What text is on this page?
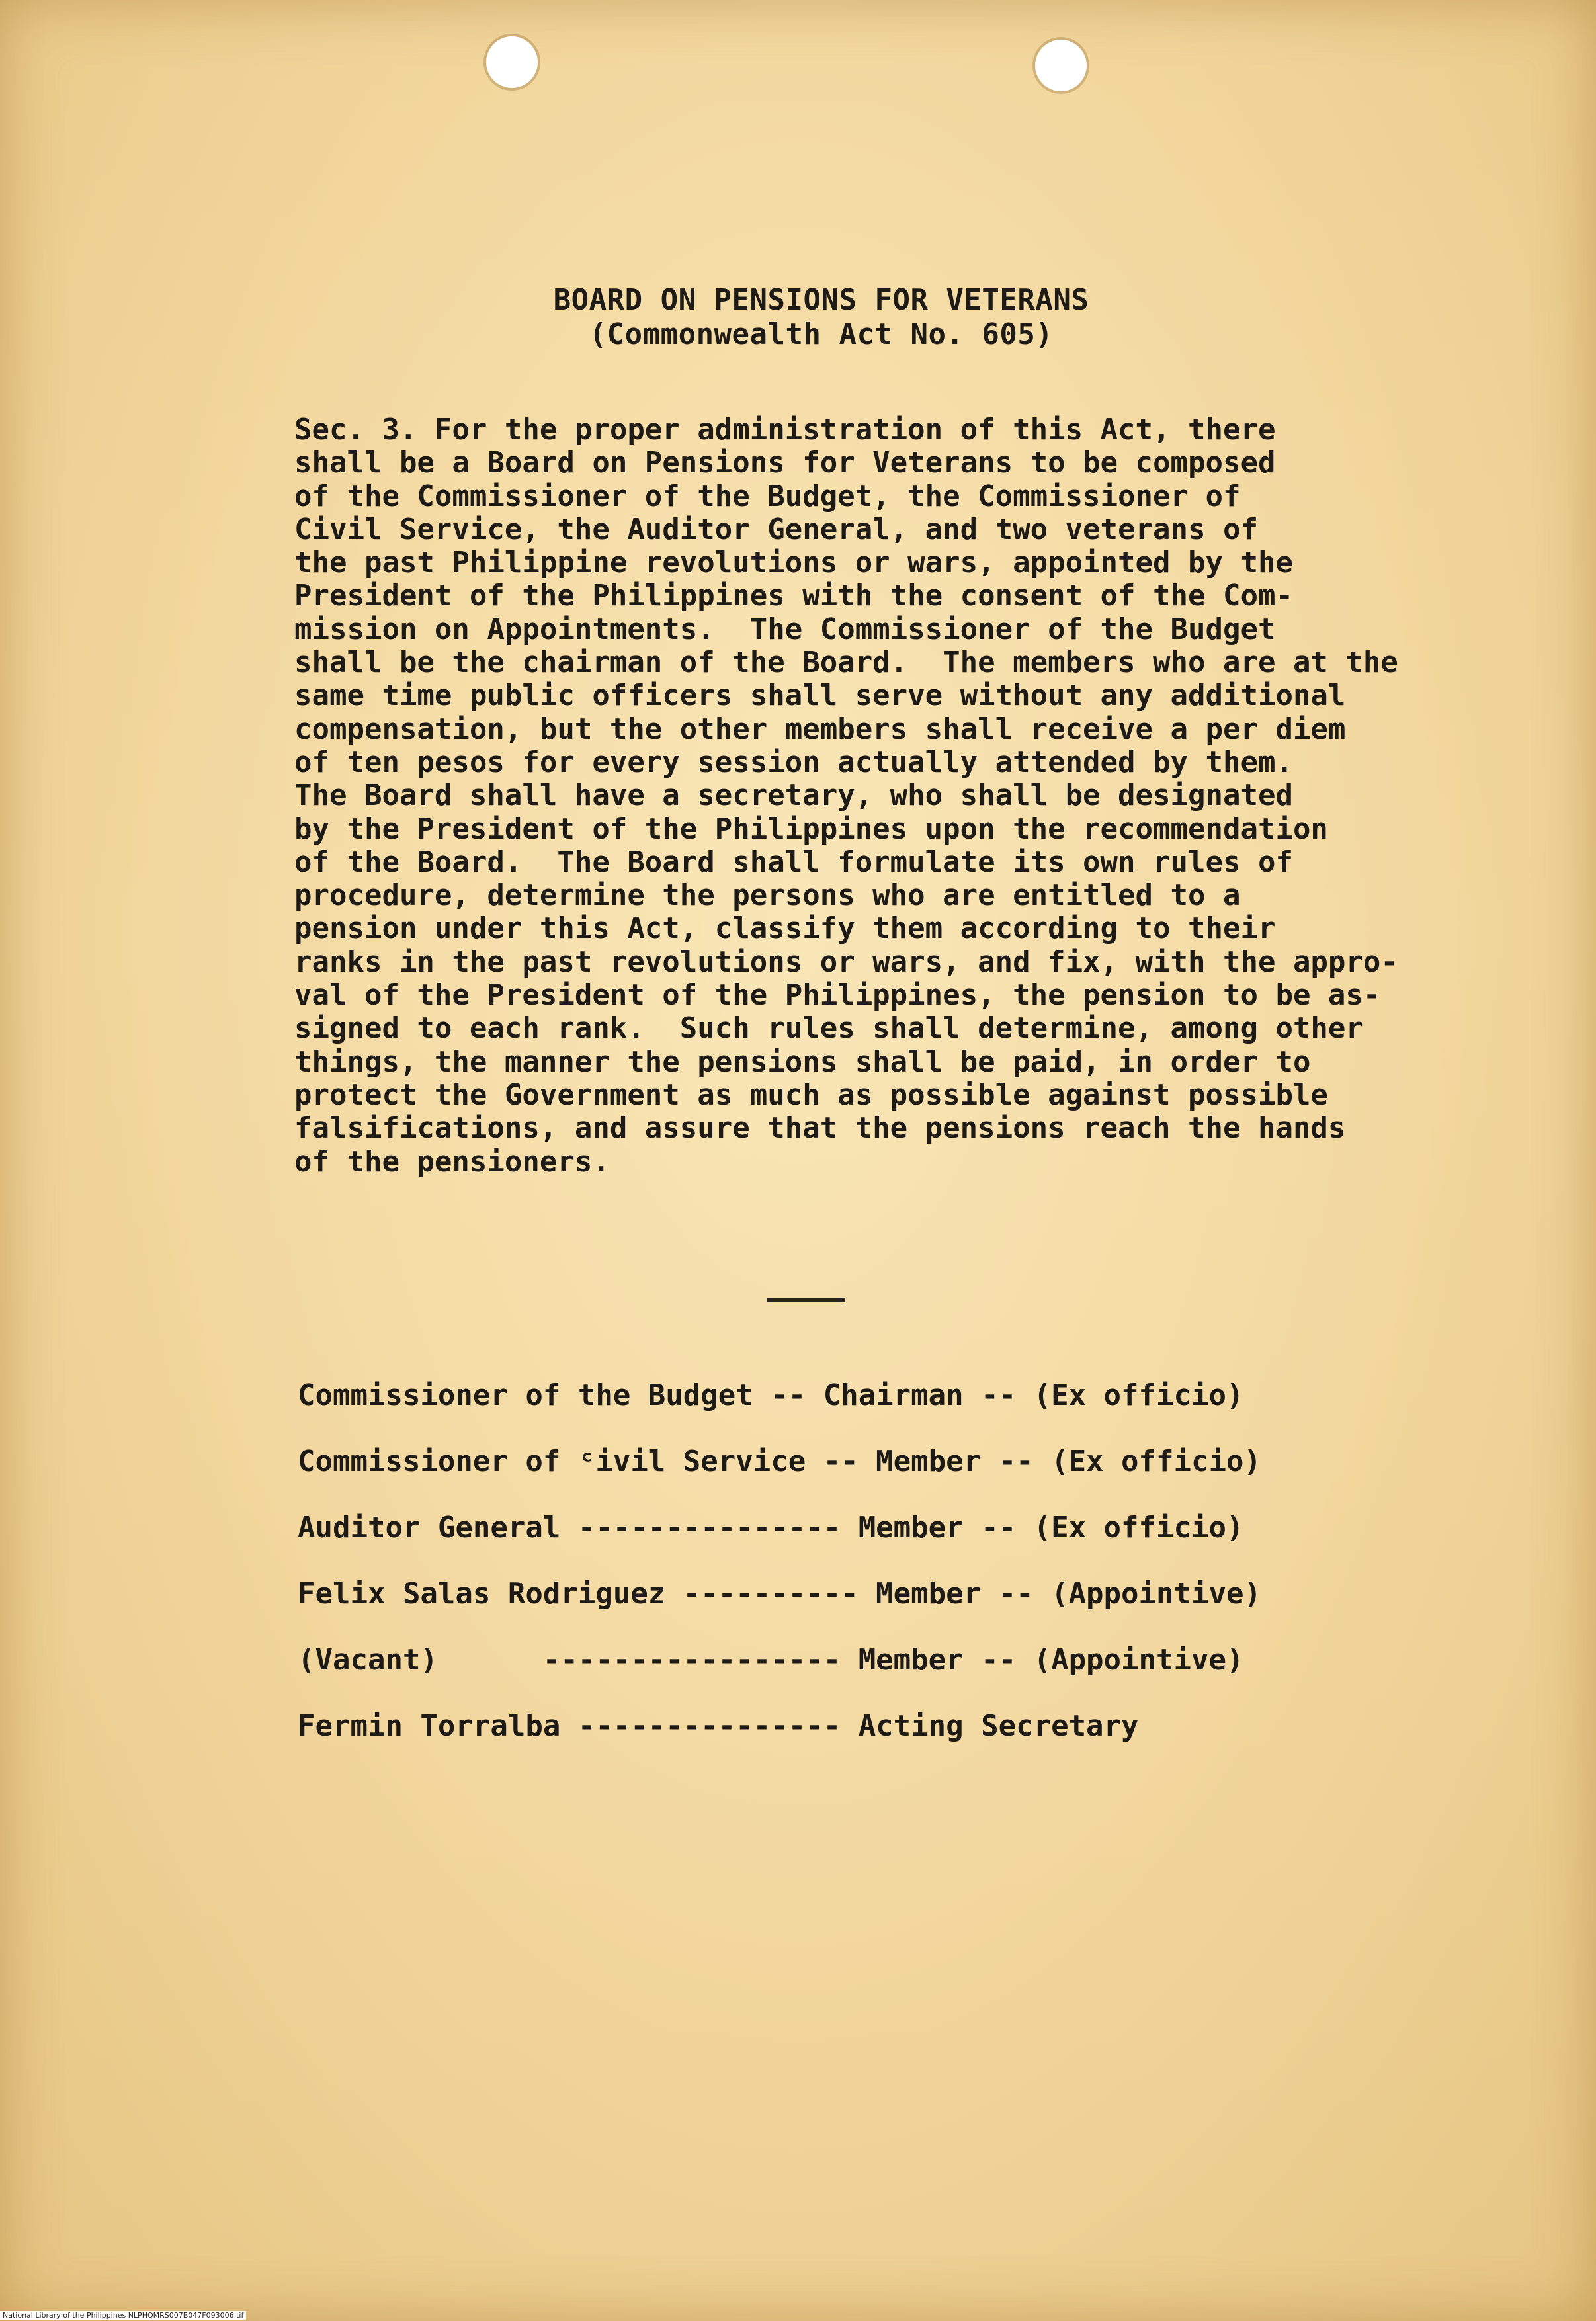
BOARD ON PENSIONS FOR VETERANS
(Commonwealth Act No. 605)
Sec. 3. For the proper administration of this Act, there
shall be a Board on Pensions for Veterans to be composed
of the Commissioner of the Budget, the Commissioner of
Civil Service, the Auditor General, and two veterans of
the past Philippine revolutions or wars, appointed by the
President of the Philippines with the consent of the Com-
mission on Appointments.  The Commissioner of the Budget
shall be the chairman of the Board.  The members who are at the
same time public officers shall serve without any additional
compensation, but the other members shall receive a per diem
of ten pesos for every session actually attended by them.
The Board shall have a secretary, who shall be designated
by the President of the Philippines upon the recommendation
of the Board.  The Board shall formulate its own rules of
procedure, determine the persons who are entitled to a
pension under this Act, classify them according to their
ranks in the past revolutions or wars, and fix, with the appro-
val of the President of the Philippines, the pension to be as-
signed to each rank.  Such rules shall determine, among other
things, the manner the pensions shall be paid, in order to
protect the Government as much as possible against possible
falsifications, and assure that the pensions reach the hands
of the pensioners.
Commissioner of the Budget -- Chairman -- (Ex officio)
Commissioner of ᶜivil Service -- Member -- (Ex officio)
Auditor General --------------- Member -- (Ex officio)
Felix Salas Rodriguez ---------- Member -- (Appointive)
(Vacant)      ----------------- Member -- (Appointive)
Fermin Torralba --------------- Acting Secretary
National Library of the Philippines NLPHQMRS007B047F093006.tif
